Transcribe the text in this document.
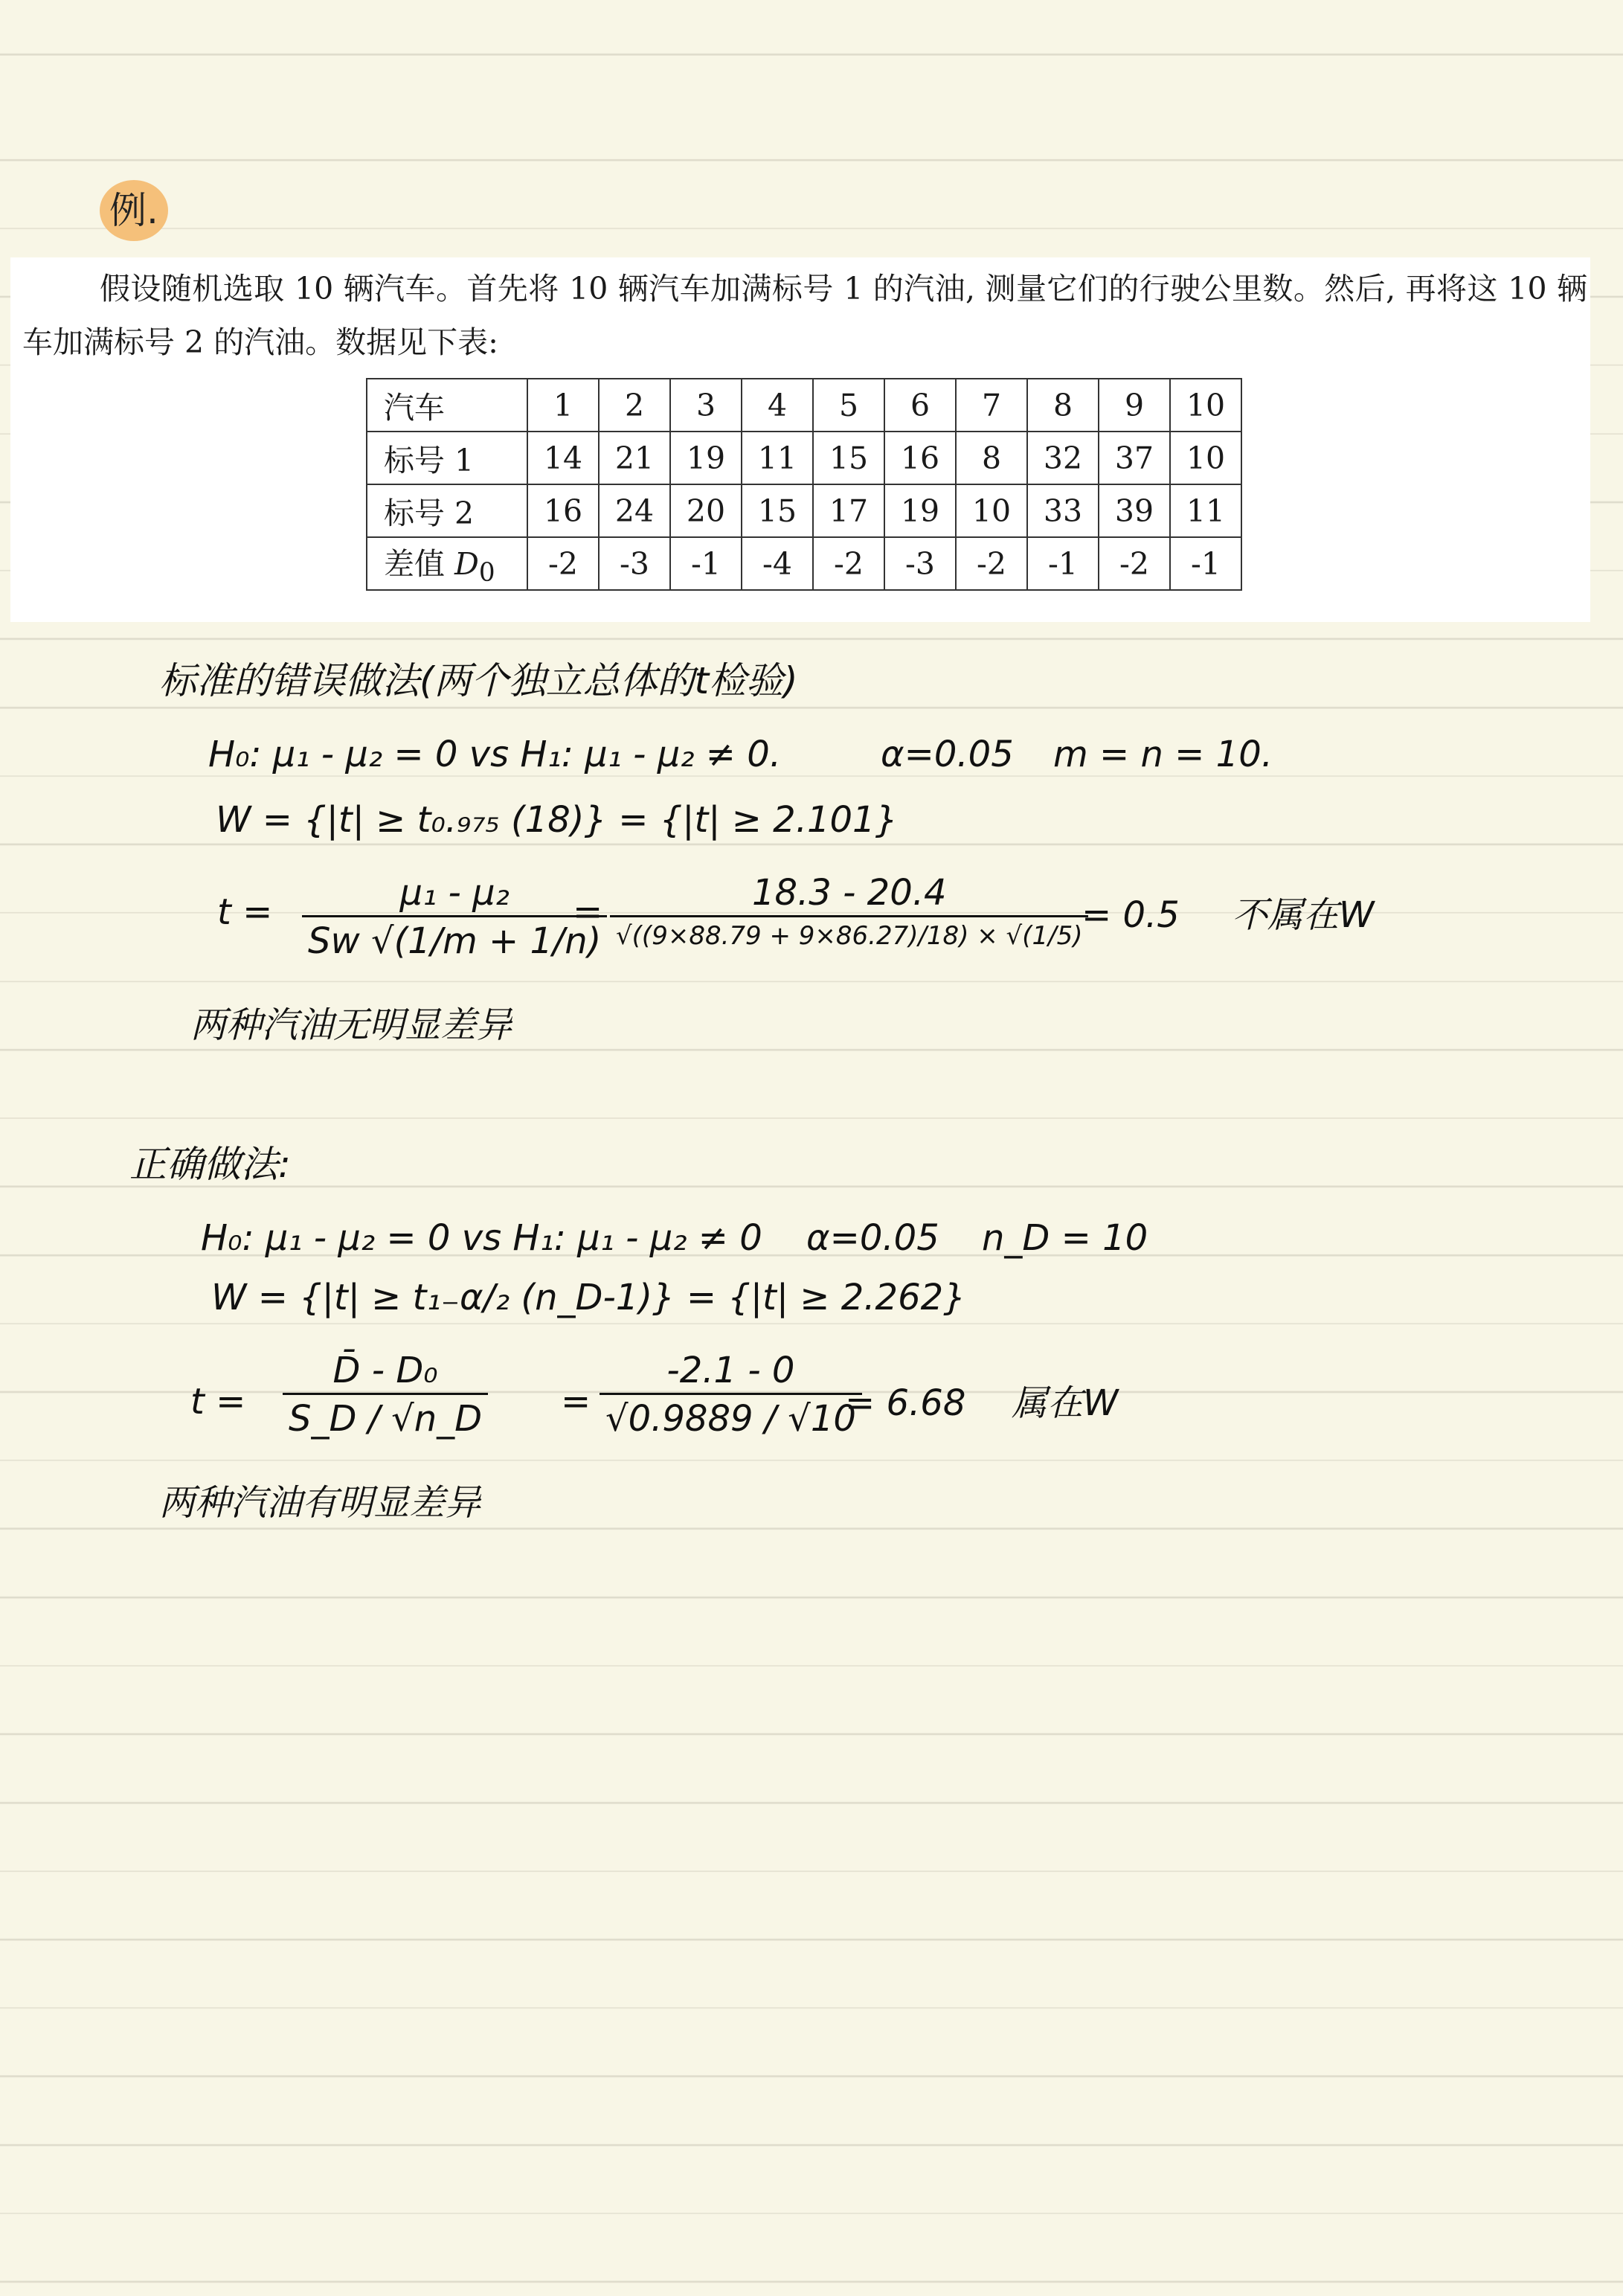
例.
假设随机选取 10 辆汽车。首先将 10 辆汽车加满标号 1 的汽油, 测量它们的行驶公里数。然后, 再将这 10 辆车加满标号 2 的汽油。数据见下表:
汽车	1	2	3	4	5	6	7	8	9	10
标号 1	14	21	19	11	15	16	8	32	37	10
标号 2	16	24	20	15	17	19	10	33	39	11
差值 $D_0$	-2	-3	-1	-4	-2	-3	-2	-1	-2	-1
标准的错误做法(两个独立总体的t检验)
H₀: μ₁ - μ₂ = 0 vs H₁: μ₁ - μ₂ ≠ 0.	α=0.05 m = n = 10.
W = {|t| ≥ t₀.₉₇₅ (18)} = {|t| ≥ 2.101}
$t = \frac{\text{μ₁ - μ₂}}{Sw √(1/m + 1/n)}$
=	18.3 - 20.4
√((9×88.79 + 9×86.27)/18) × √(1/5)
= 0.5 不属在W
两种汽油无明显差异
正确做法:
H₀: μ₁ - μ₂ = 0 vs H₁: μ₁ - μ₂ ≠ 0 α=0.05 n_D = 10
W = {|t| ≥ t₁₋α/₂ (n_D-1)} = {|t| ≥ 2.262}
$t = \frac{\text{D̄ - D₀}}{S\_D / √n\_D} = \frac{-2.1 - 0}{√0.9889 / √10}$
= 6.68 属在W
两种汽油有明显差异
